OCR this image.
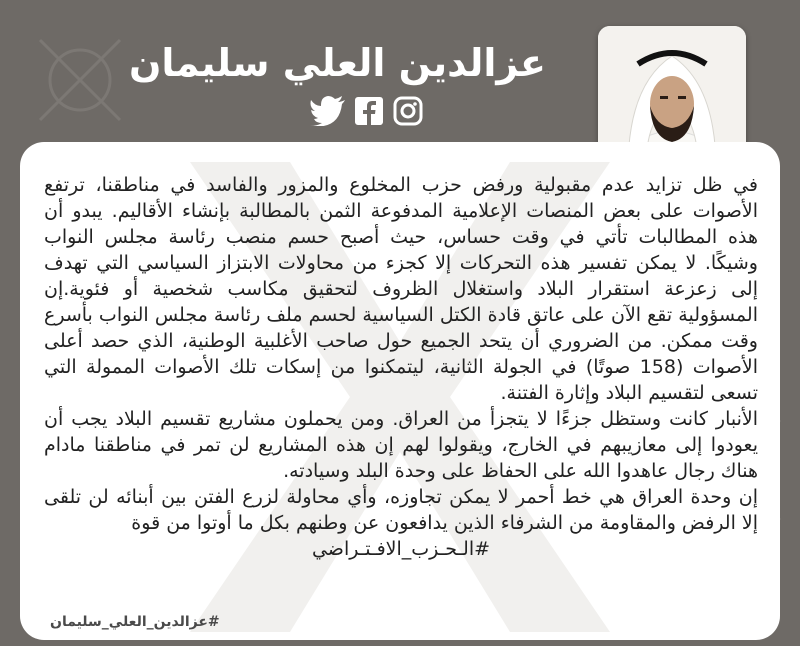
عزالدين العلي سليمان

في ظل تزايد عدم مقبولية ورفض حزب المخلوع والمزور والفاسد في مناطقنا، ترتفع الأصوات على بعض المنصات الإعلامية المدفوعة الثمن بالمطالبة بإنشاء الأقاليم. يبدو أن هذه المطالبات تأتي في وقت حساس، حيث أصبح حسم منصب رئاسة مجلس النواب وشيكًا. لا يمكن تفسير هذه التحركات إلا كجزء من محاولات الابتزاز السياسي التي تهدف إلى زعزعة استقرار البلاد واستغلال الظروف لتحقيق مكاسب شخصية أو فئوية.إن المسؤولية تقع الآن على عاتق قادة الكتل السياسية لحسم ملف رئاسة مجلس النواب بأسرع وقت ممكن. من الضروري أن يتحد الجميع حول صاحب الأغلبية الوطنية، الذي حصد أعلى الأصوات (158 صوتًا) في الجولة الثانية، ليتمكنوا من إسكات تلك الأصوات الممولة التي تسعى لتقسيم البلاد وإثارة الفتنة.

الأنبار كانت وستظل جزءًا لا يتجزأ من العراق. ومن يحملون مشاريع تقسيم البلاد يجب أن يعودوا إلى معازيبهم في الخارج، ويقولوا لهم إن هذه المشاريع لن تمر في مناطقنا مادام هناك رجال عاهدوا الله على الحفاظ على وحدة البلد وسيادته.

إن وحدة العراق هي خط أحمر لا يمكن تجاوزه، وأي محاولة لزرع الفتن بين أبنائه لن تلقى إلا الرفض والمقاومة من الشرفاء الذين يدافعون عن وطنهم بكل ما أوتوا من قوة

#الـحـزب_الافـتـراضي

#عزالدين_العلي_سليمان
